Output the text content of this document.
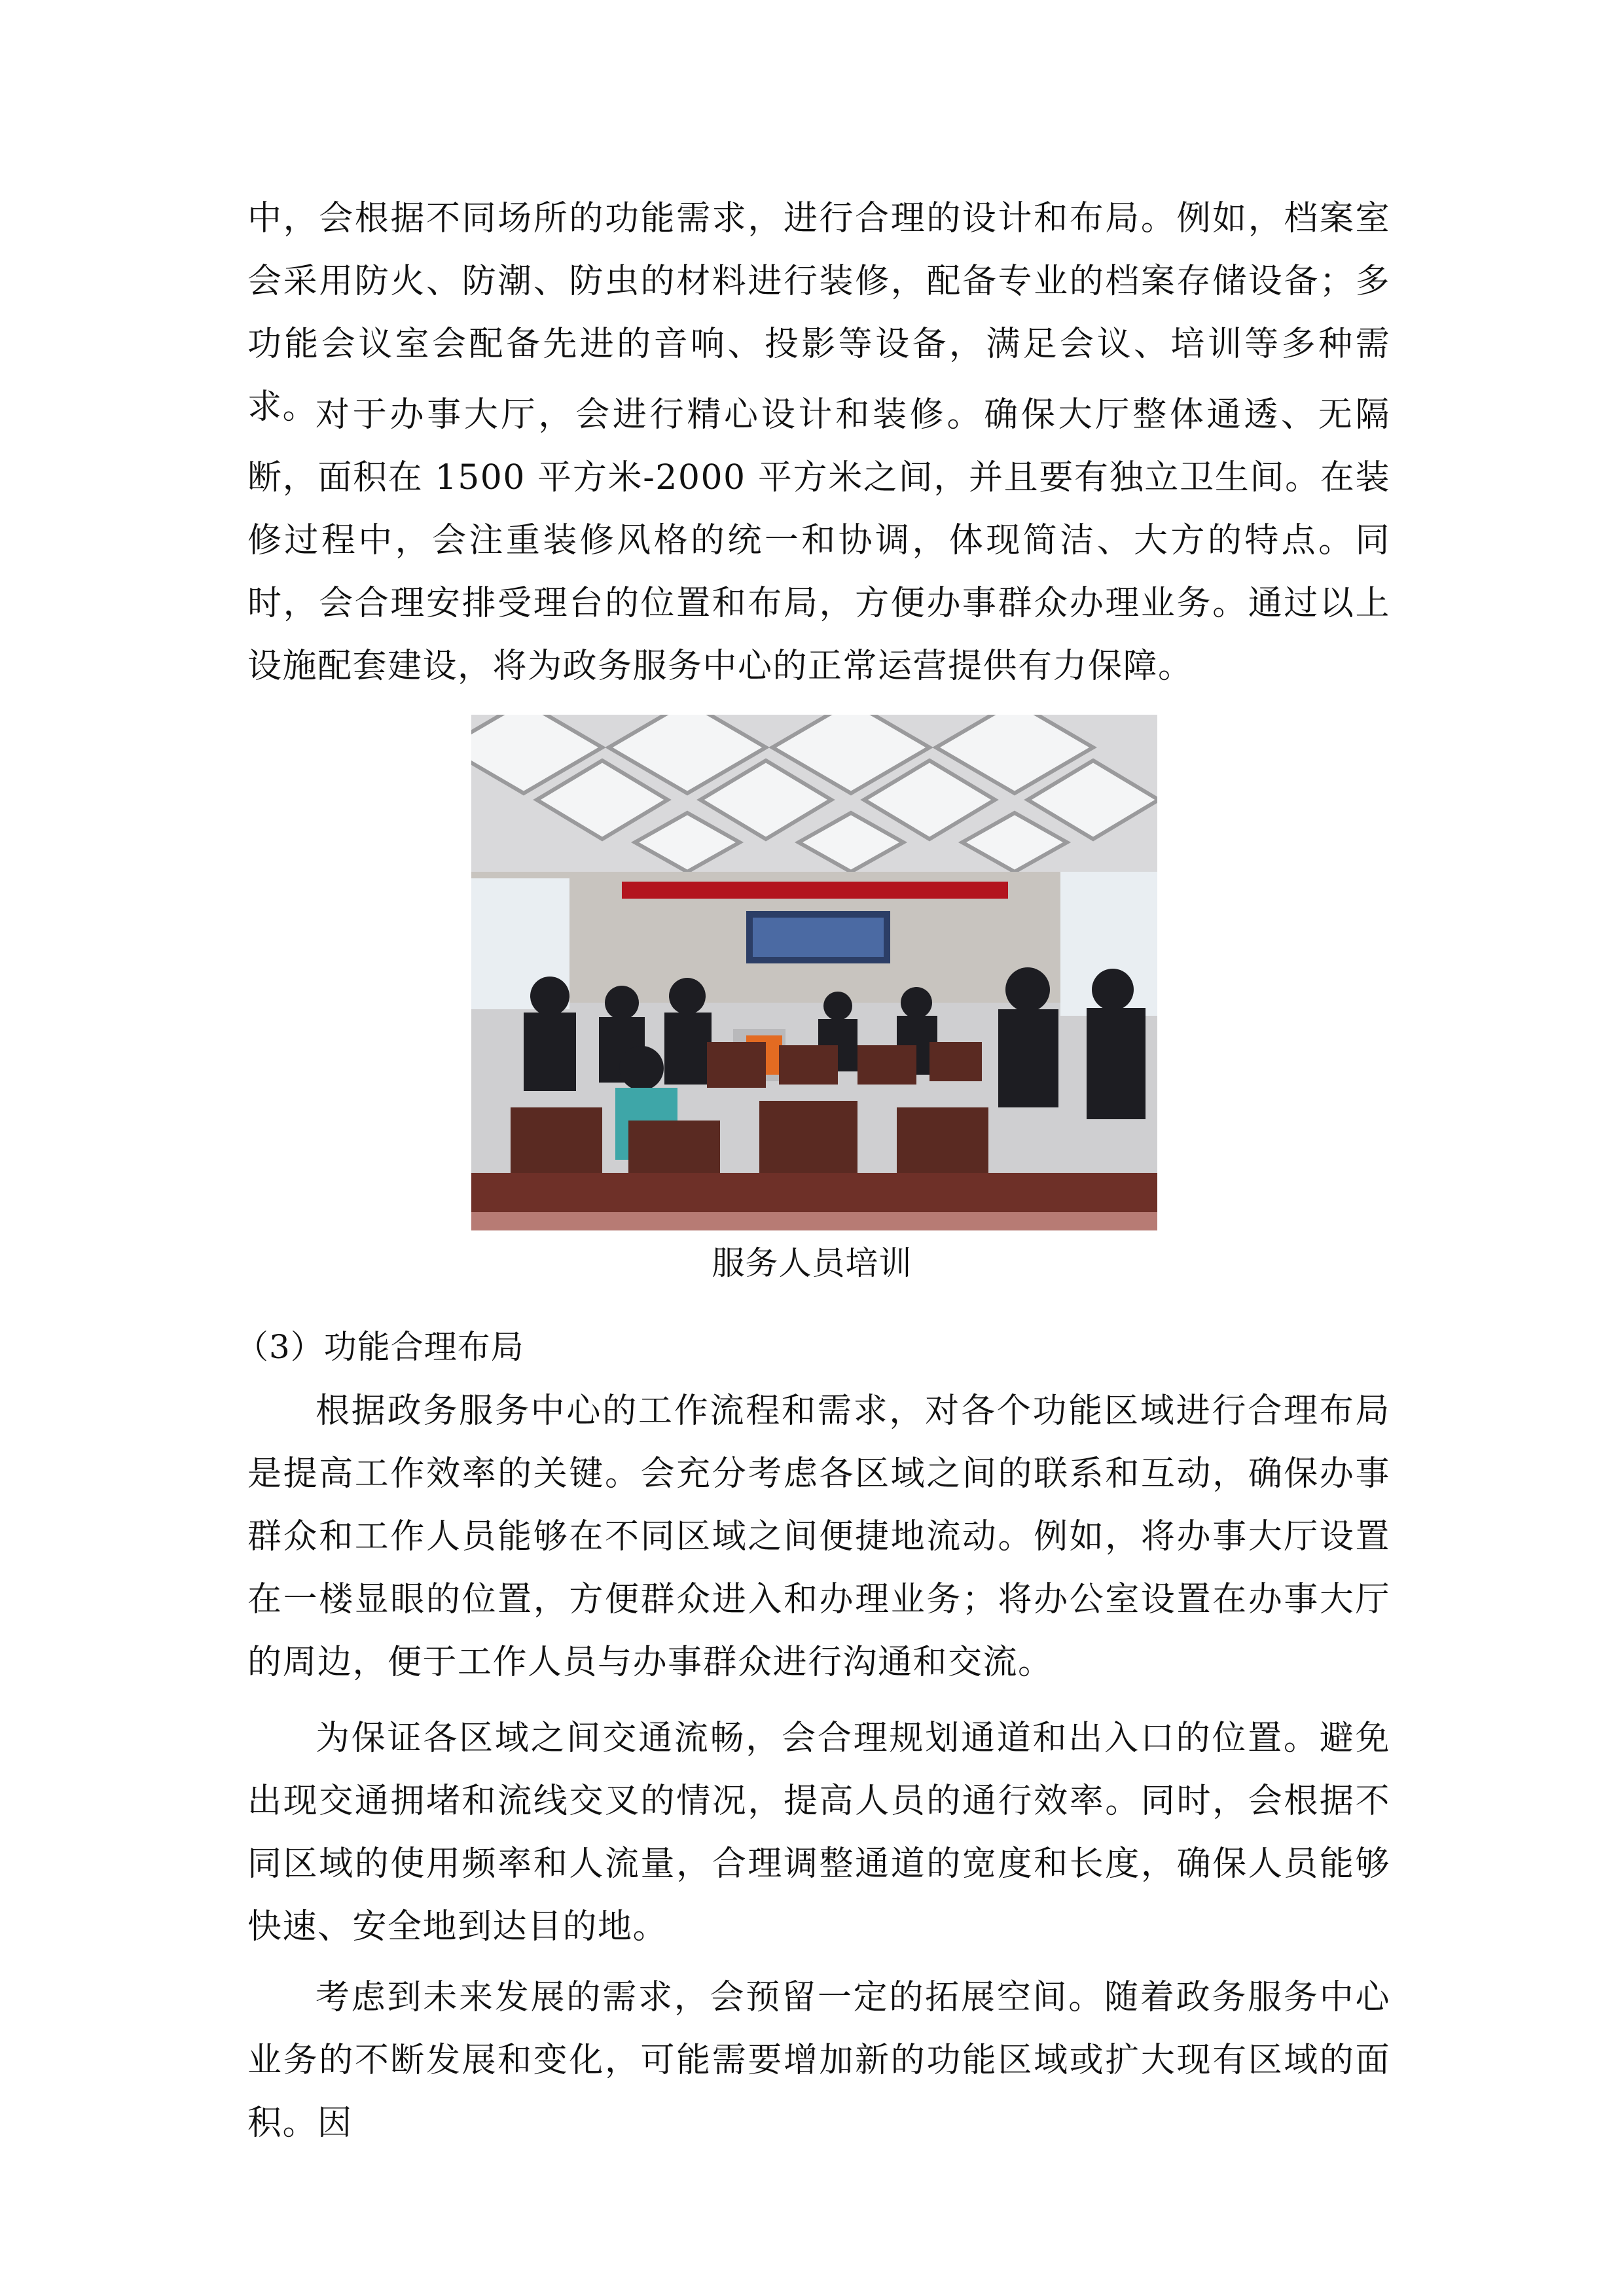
中，会根据不同场所的功能需求，进行合理的设计和布局。例如，档案室会采用防火、防潮、防虫的材料进行装修，配备专业的档案存储设备；多功能会议室会配备先进的音响、投影等设备，满足会议、培训等多种需求。

对于办事大厅，会进行精心设计和装修。确保大厅整体通透、无隔断，面积在 1500 平方米-2000 平方米之间，并且要有独立卫生间。在装修过程中，会注重装修风格的统一和协调，体现简洁、大方的特点。同时，会合理安排受理台的位置和布局，方便办事群众办理业务。通过以上设施配套建设，将为政务服务中心的正常运营提供有力保障。

服务人员培训

（3）功能合理布局

根据政务服务中心的工作流程和需求，对各个功能区域进行合理布局是提高工作效率的关键。会充分考虑各区域之间的联系和互动，确保办事群众和工作人员能够在不同区域之间便捷地流动。例如，将办事大厅设置在一楼显眼的位置，方便群众进入和办理业务；将办公室设置在办事大厅的周边，便于工作人员与办事群众进行沟通和交流。

为保证各区域之间交通流畅，会合理规划通道和出入口的位置。避免出现交通拥堵和流线交叉的情况，提高人员的通行效率。同时，会根据不同区域的使用频率和人流量，合理调整通道的宽度和长度，确保人员能够快速、安全地到达目的地。

考虑到未来发展的需求，会预留一定的拓展空间。随着政务服务中心业务的不断发展和变化，可能需要增加新的功能区域或扩大现有区域的面积。因
